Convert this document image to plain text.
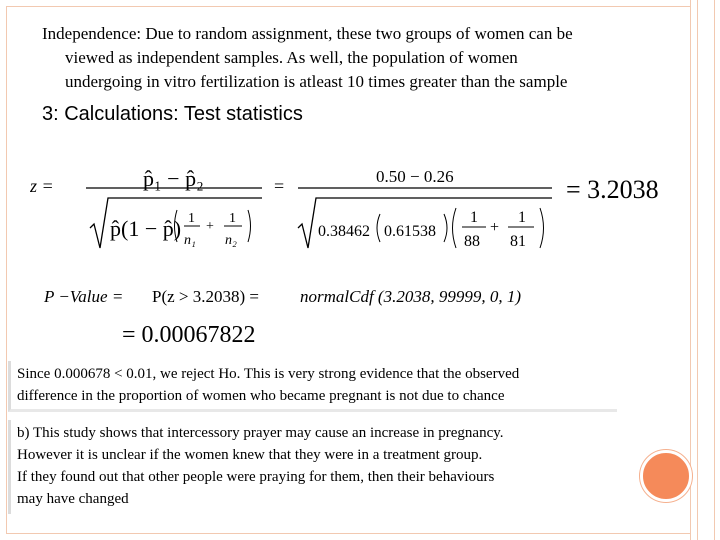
Independence: Due to random assignment, these two groups of women can be
viewed as independent samples. As well, the population of women
undergoing in vitro fertilization is atleast 10 times greater than the sample
3: Calculations: Test statistics
z =	p̂₁ − p̂₂
p̂(1 − p̂) 1
n₁
+
1
n₂
=	0.50 − 0.26
0.38462 0.61538
1
88
+
1
81
= 3.2038
P −Value = P(z > 3.2038) = normalCdf (3.2038, 99999, 0, 1)
= 0.00067822
Since 0.000678 < 0.01, we reject Ho. This is very strong evidence that the observed
difference in the proportion of women who became pregnant is not due to chance
b) This study shows that intercessory prayer may cause an increase in pregnancy.
However it is unclear if the women knew that they were in a treatment group.
If they found out that other people were praying for them, then their behaviours
may have changed
